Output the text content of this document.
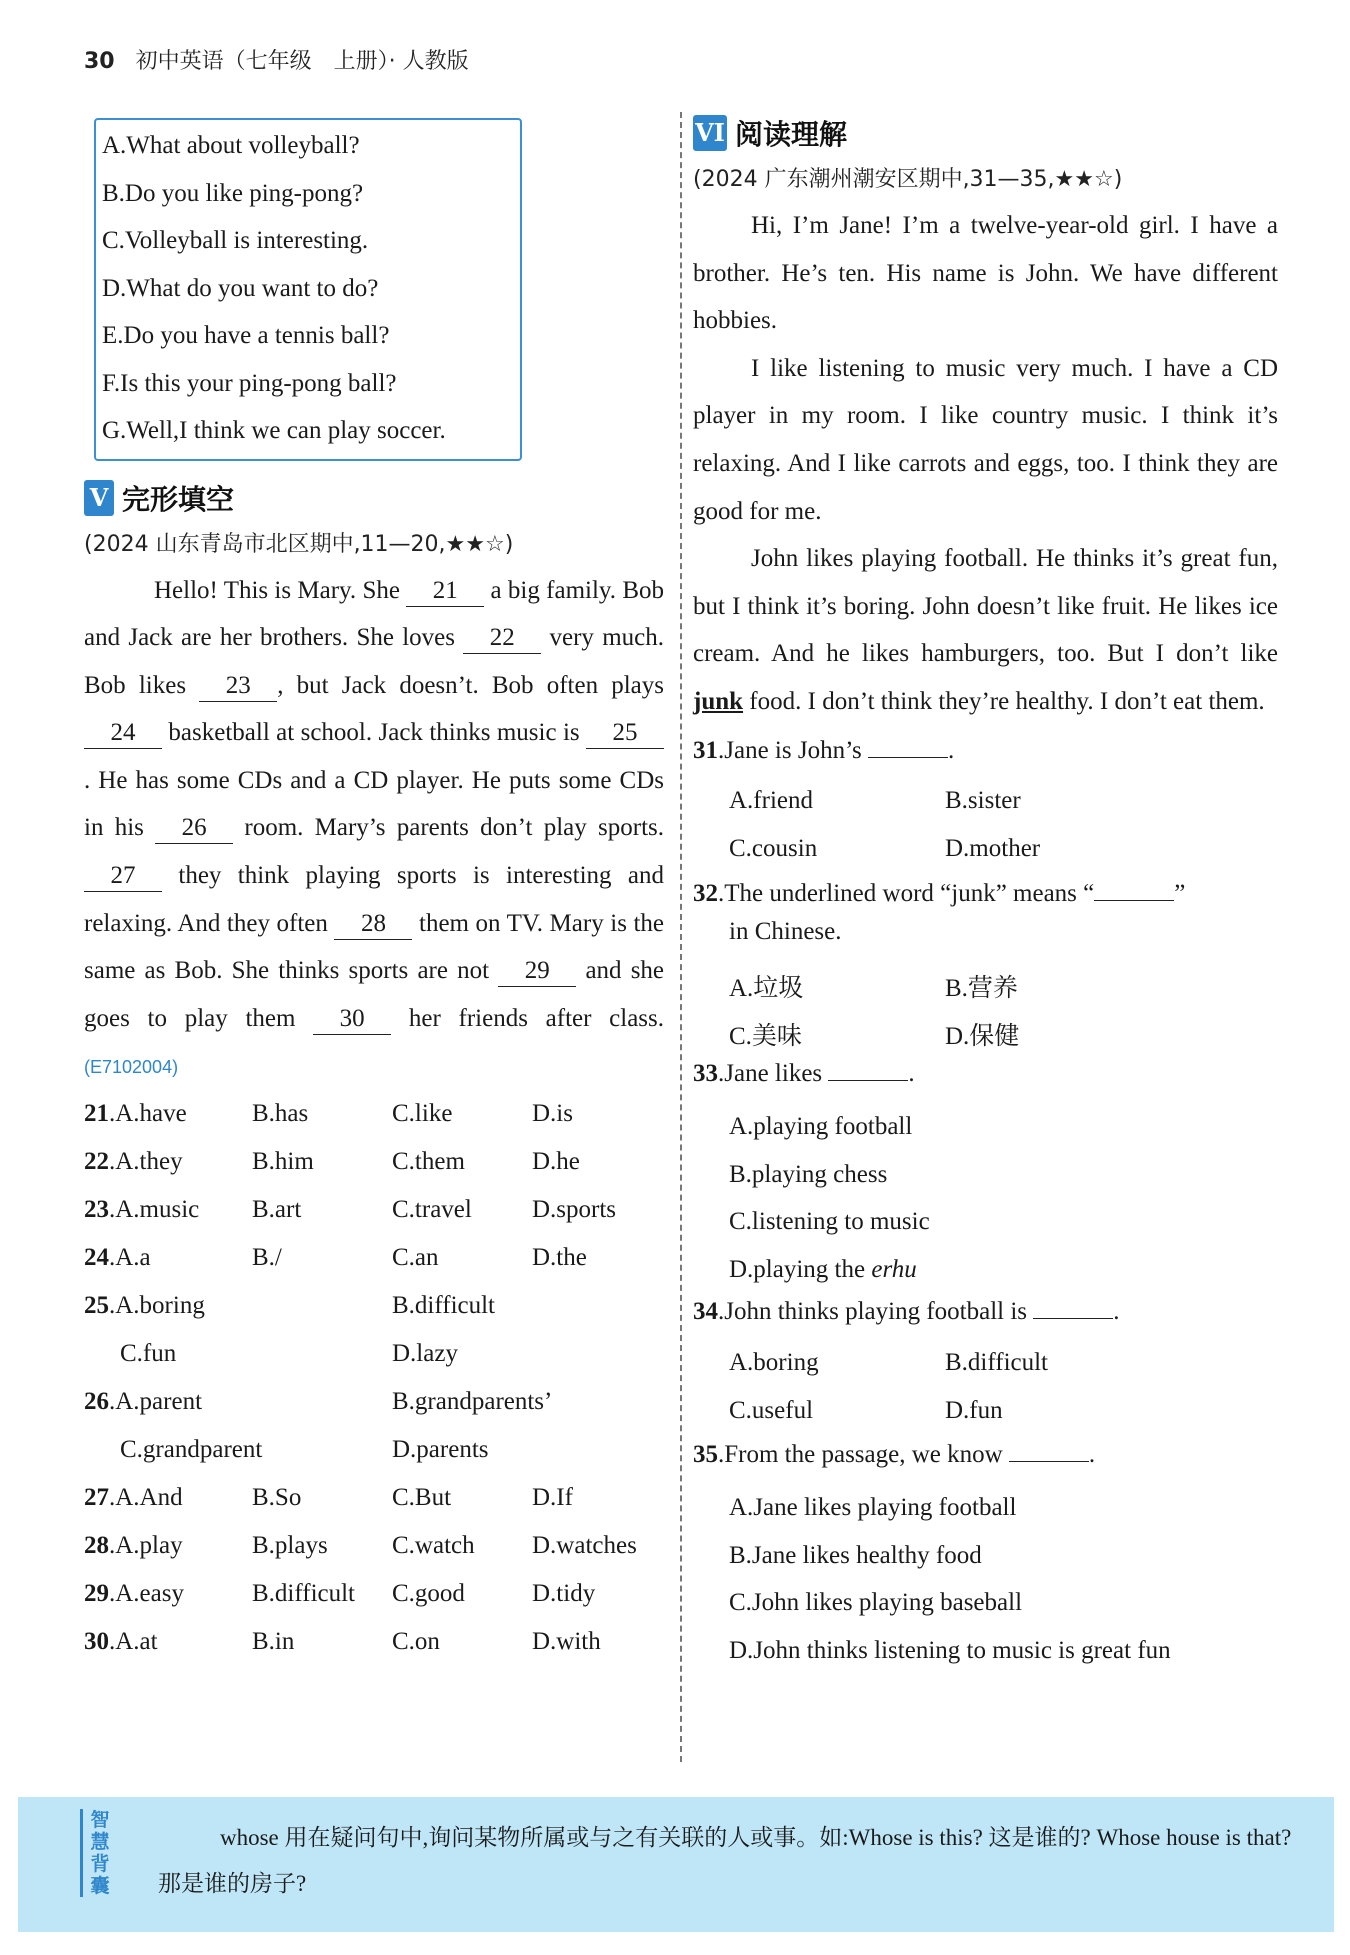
30 初中英语（七年级　上册）· 人教版
A.What about volleyball?
B.Do you like ping-pong?
C.Volleyball is interesting.
D.What do you want to do?
E.Do you have a tennis ball?
F.Is this your ping-pong ball?
G.Well,I think we can play soccer.
V 完形填空
(2024 山东青岛市北区期中,11—20,★★☆)
Hello! This is Mary. She 21 a big family. Bob and Jack are her brothers. She loves 22 very much. Bob likes 23 , but Jack doesn’t. Bob often plays 24 basketball at school. Jack thinks music is 25. He has some CDs and a CD player. He puts some CDs in his 26 room. Mary’s parents don’t play sports. 27 they think playing sports is interesting and relaxing. And they often 28 them on TV. Mary is the same as Bob. She thinks sports are not 29 and she goes to play them 30 her friends after class. (E7102004)
21.A.have	B.has	C.like	D.is
22.A.they	B.him	C.them	D.he
23.A.music B.art	C.travel D.sports
24.A.a	B./	C.an	D.the
25.A.boring	B.difficult
C.fun	D.lazy
26.A.parent	B.grandparents’
C.grandparent	D.parents
27.A.And	B.So	C.But	D.If
28.A.play	B.plays	C.watch D.watches
29.A.easy	B.difficult C.good	D.tidy
30.A.at	B.in	C.on	D.with
VI 阅读理解
(2024 广东潮州潮安区期中,31—35,★★☆)
Hi, I’m Jane! I’m a twelve-year-old girl. I have a brother. He’s ten. His name is John. We have different hobbies.
I like listening to music very much. I have a CD player in my room. I like country music. I think it’s relaxing. And I like carrots and eggs, too. I think they are good for me.
John likes playing football. He thinks it’s great fun, but I think it’s boring. John doesn’t like fruit. He likes ice cream. And he likes hamburgers, too. But I don’t like junk food. I don’t think they’re healthy. I don’t eat them.
31.Jane is John’s	.
A.friend	B.sister
C.cousin	D.mother
32.The underlined word “junk” means “	”
in Chinese.
A.垃圾	B.营养
C.美味	D.保健
33.Jane likes	.
A.playing football
B.playing chess
C.listening to music
D.playing the erhu
34.John thinks playing football is	.
A.boring	B.difficult
C.useful	D.fun
35.From the passage, we know	.
A.Jane likes playing football
B.Jane likes healthy food
C.John likes playing baseball
D.John thinks listening to music is great fun
智慧背囊
whose 用在疑问句中,询问某物所属或与之有关联的人或事。如:Whose is this? 这是谁的? Whose house is that? 那是谁的房子?
